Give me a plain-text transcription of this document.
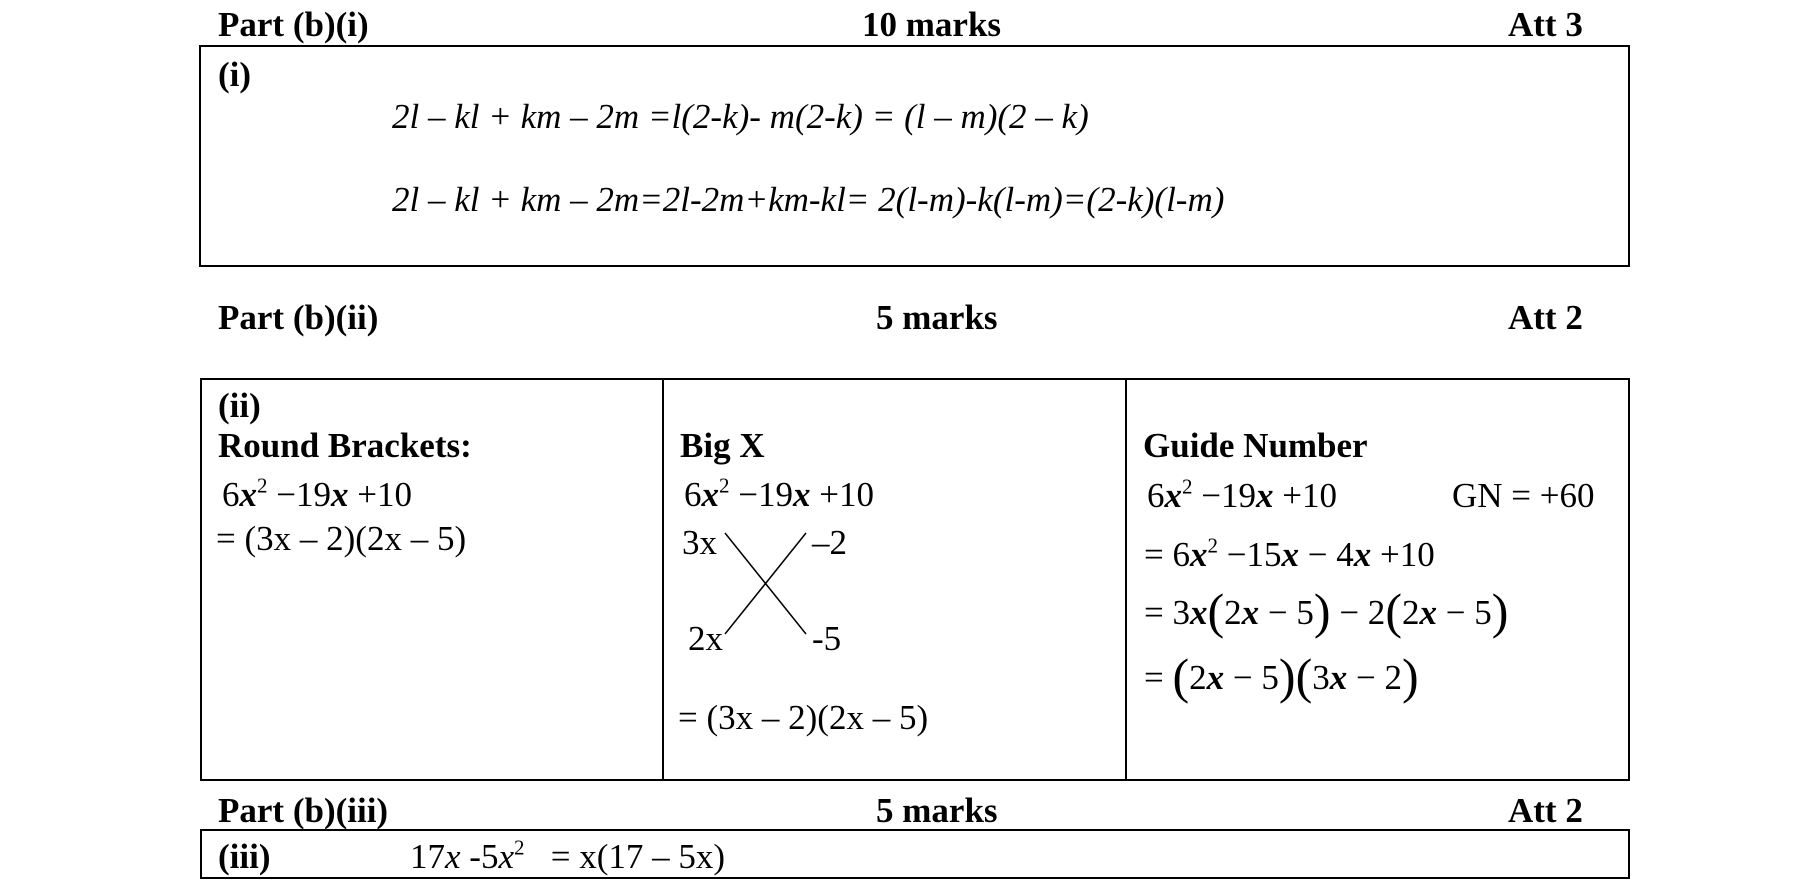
Part (b)(i)	10 marks	Att 3
(i)
2l – kl + km – 2m =l(2-k)- m(2-k) = (l – m)(2 – k)
2l – kl + km – 2m=2l-2m+km-kl= 2(l-m)-k(l-m)=(2-k)(l-m)
Part (b)(ii)	5 marks	Att 2
(ii)
Round Brackets:
$6x^2 -19x +10$
= (3x – 2)(2x – 5)
Big X
$6x^2 -19x +10$
3x	–2
2x	-5
= (3x – 2)(2x – 5)
Guide Number
$6x^2 -19x +10$	GN = +60
= $6x^2 -15x - 4x +10$
= 3x(2x − 5) − 2(2x − 5)
= (2x − 5)(3x − 2)
Part (b)(iii)	5 marks	Att 2
(iii)	17x $-5x^2 = x(17 - 5x)$
